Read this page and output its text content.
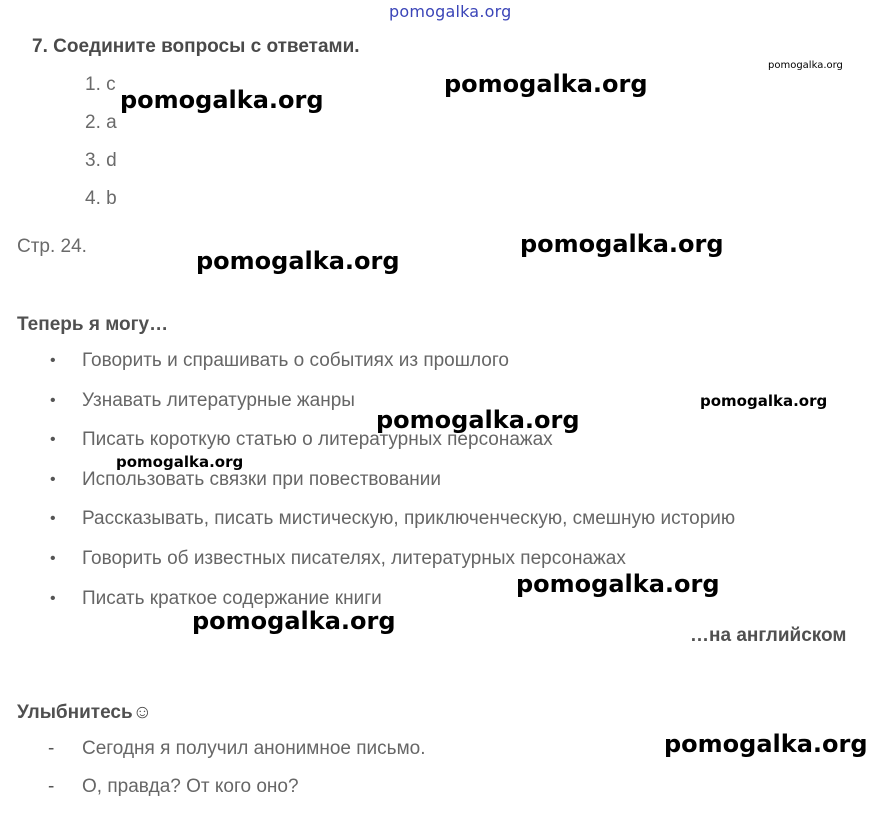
pomogalka.org
7. Соедините вопросы с ответами.
1. c
2. a
3. d
4. b
Стр. 24.
Теперь я могу…
• Говорить и спрашивать о событиях из прошлого
• Узнавать литературные жанры
• Писать короткую статью о литературных персонажах
• Использовать связки при повествовании
• Рассказывать, писать мистическую, приключенческую, смешную историю
• Говорить об известных писателях, литературных персонажах
• Писать краткое содержание книги
…на английском
Улыбнитесь☺
- Сегодня я получил анонимное письмо.
- О, правда? От кого оно?
pomogalka.org
pomogalka.org
pomogalka.org
pomogalka.org
pomogalka.org
pomogalka.org
pomogalka.org
pomogalka.org
pomogalka.org
pomogalka.org
pomogalka.org
